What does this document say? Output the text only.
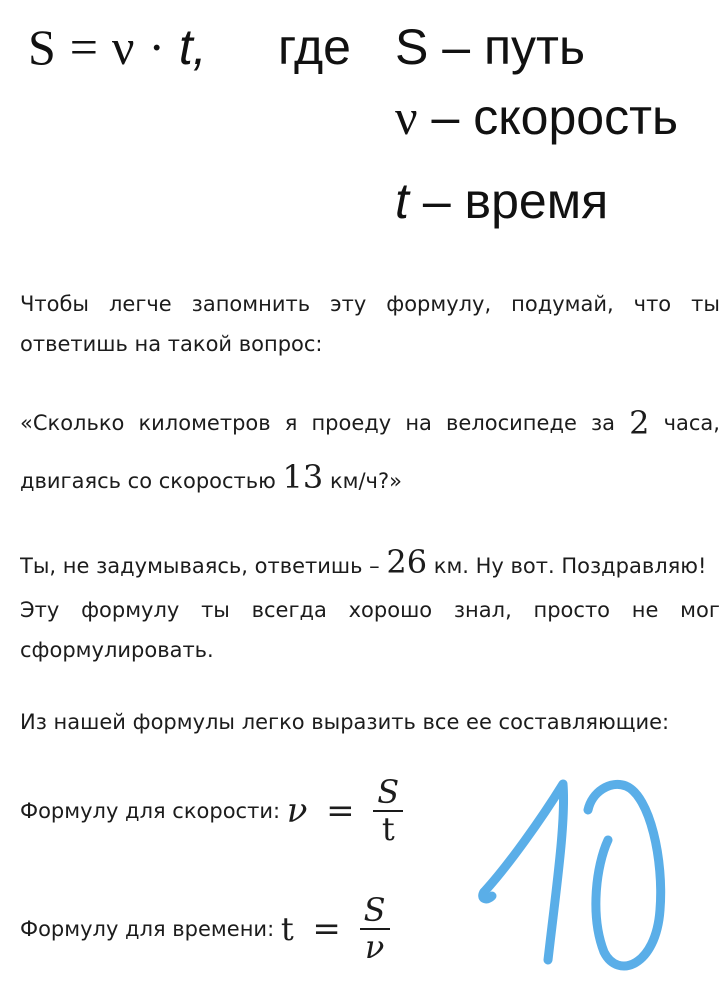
S = ν · t, где S – путь
ν – скорость
t – время
Чтобы легче запомнить эту формулу, подумай, что ты
ответишь на такой вопрос:
«Сколько километров я проеду на велосипеде за 2 часа,
двигаясь со скоростью 13 км/ч?»
Ты, не задумываясь, ответишь – 26 км. Ну вот. Поздравляю!
Эту формулу ты всегда хорошо знал, просто не мог
сформулировать.
Из нашей формулы легко выразить все ее составляющие:
Формулу для скорости: $\nu = \frac{S}{t}$
Формулу для времени: $t = \frac{S}{\nu}$
